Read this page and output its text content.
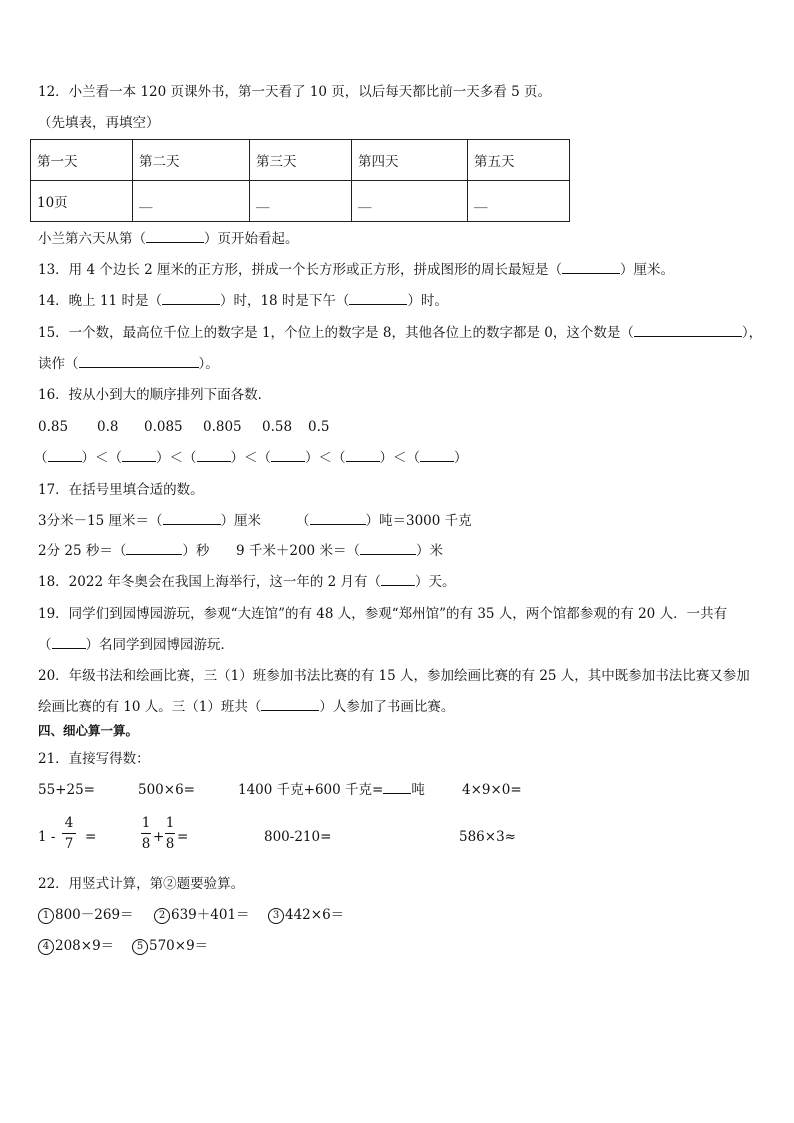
12．小兰看一本 120 页课外书，第一天看了 10 页，以后每天都比前一天多看 5 页。
（先填表，再填空）
第一天	第二天	第三天	第四天	第五天
10页	__	__	__	__
小兰第六天从第（	）页开始看起。
13．用 4 个边长 2 厘米的正方形，拼成一个长方形或正方形，拼成图形的周长最短是（	）厘米。
14．晚上 11 时是（	）时，18 时是下午（	）时。
15．一个数，最高位千位上的数字是 1，个位上的数字是 8，其他各位上的数字都是 0，这个数是（	），
读作（	）。
16．按从小到大的顺序排列下面各数．
0.85 0.8 0.085 0.805 0.58 0.5
（	）＜（	）＜（	）＜（	）＜（	）＜（	）
17．在括号里填合适的数。
3分米－15 厘米＝（	）厘米	（	）吨＝3000 千克
2分 25 秒＝（	）秒 9 千米＋200 米＝（	）米
18．2022 年冬奥会在我国上海举行，这一年的 2 月有（	）天。
19．同学们到园博园游玩，参观“大连馆”的有 48 人，参观“郑州馆”的有 35 人，两个馆都参观的有 20 人．一共有
（	）名同学到园博园游玩．
20．年级书法和绘画比赛，三（1）班参加书法比赛的有 15 人，参加绘画比赛的有 25 人，其中既参加书法比赛又参加
绘画比赛的有 10 人。三（1）班共（	）人参加了书画比赛。
四、细心算一算。
21．直接写得数：
55+25=	500×6=	1400 千克+600 千克= 吨	4×9×0=
1 -
4
7 =
1
8 +
1
8 =	800-210=	586×3≈
22．用竖式计算，第②题要验算。
1 800－269＝	2 639＋401＝	3 442×6＝
4 208×9＝	5 570×9＝
